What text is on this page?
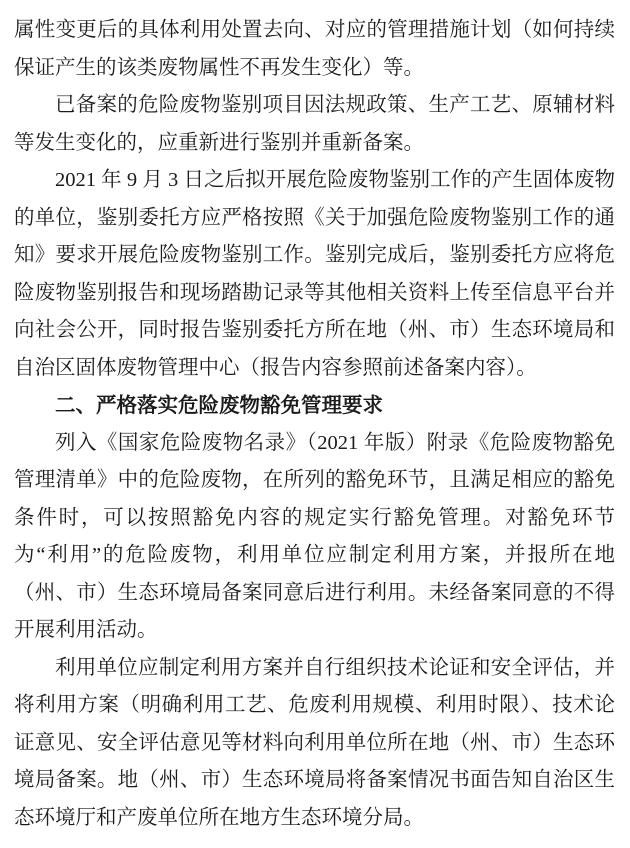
属性变更后的具体利用处置去向、对应的管理措施计划（如何持续保证产生的该类废物属性不再发生变化）等。

已备案的危险废物鉴别项目因法规政策、生产工艺、原辅材料等发生变化的，应重新进行鉴别并重新备案。

2021 年 9 月 3 日之后拟开展危险废物鉴别工作的产生固体废物的单位，鉴别委托方应严格按照《关于加强危险废物鉴别工作的通知》要求开展危险废物鉴别工作。鉴别完成后，鉴别委托方应将危险废物鉴别报告和现场踏勘记录等其他相关资料上传至信息平台并向社会公开，同时报告鉴别委托方所在地（州、市）生态环境局和自治区固体废物管理中心（报告内容参照前述备案内容）。

二、严格落实危险废物豁免管理要求

列入《国家危险废物名录》（2021 年版）附录《危险废物豁免管理清单》中的危险废物，在所列的豁免环节，且满足相应的豁免条件时，可以按照豁免内容的规定实行豁免管理。对豁免环节为“利用”的危险废物，利用单位应制定利用方案，并报所在地（州、市）生态环境局备案同意后进行利用。未经备案同意的不得开展利用活动。

利用单位应制定利用方案并自行组织技术论证和安全评估，并将利用方案（明确利用工艺、危废利用规模、利用时限）、技术论证意见、安全评估意见等材料向利用单位所在地（州、市）生态环境局备案。地（州、市）生态环境局将备案情况书面告知自治区生态环境厅和产废单位所在地方生态环境分局。
